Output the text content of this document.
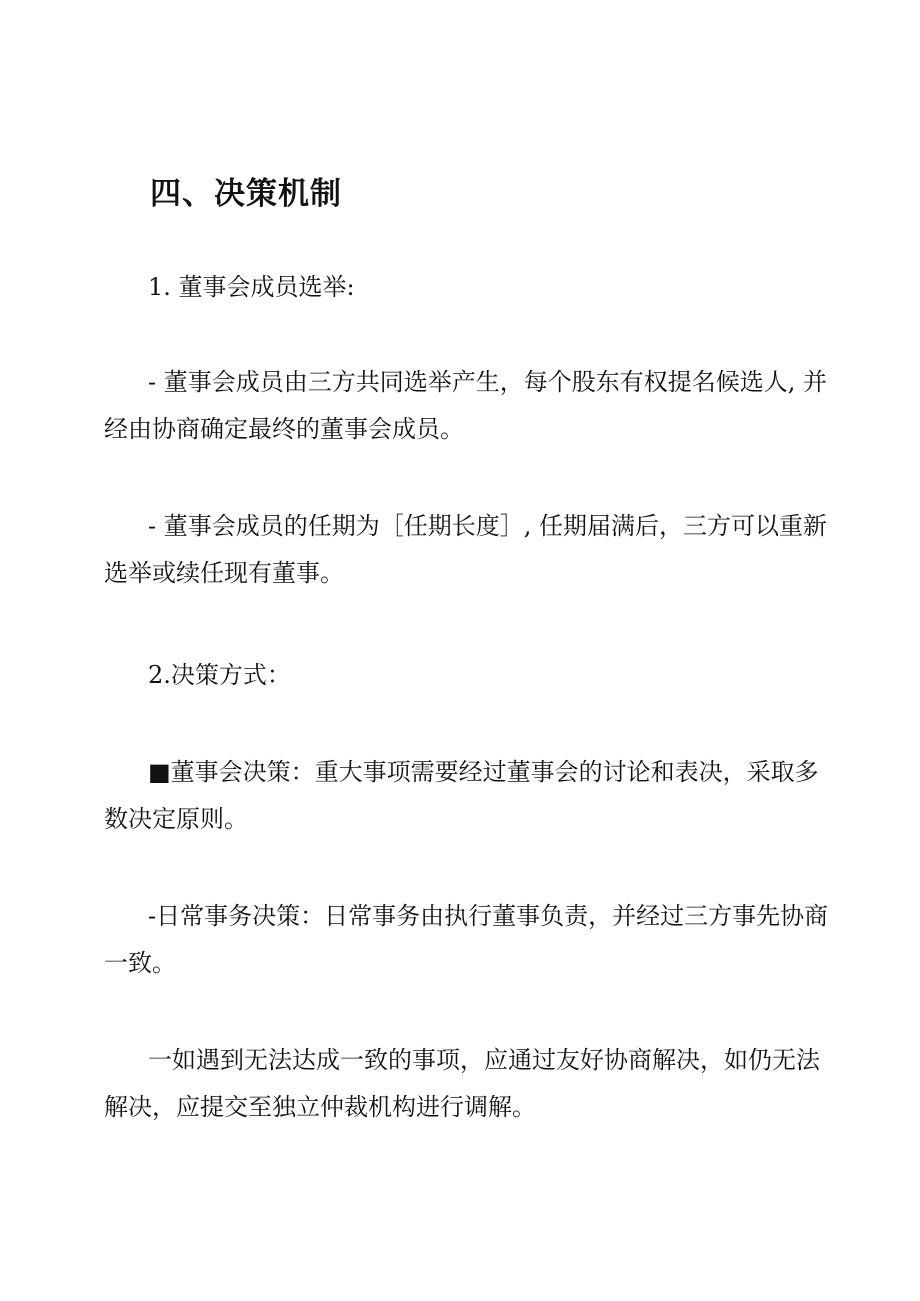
四、决策机制

1. 董事会成员选举:

- 董事会成员由三方共同选举产生，每个股东有权提名候选人, 并

经由协商确定最终的董事会成员。

- 董事会成员的任期为［任期长度］, 任期届满后，三方可以重新

选举或续任现有董事。

2.决策方式：

■董事会决策：重大事项需要经过董事会的讨论和表决，采取多

数决定原则。

-日常事务决策：日常事务由执行董事负责，并经过三方事先协商

一致。

一如遇到无法达成一致的事项，应通过友好协商解决，如仍无法

解决，应提交至独立仲裁机构进行调解。
